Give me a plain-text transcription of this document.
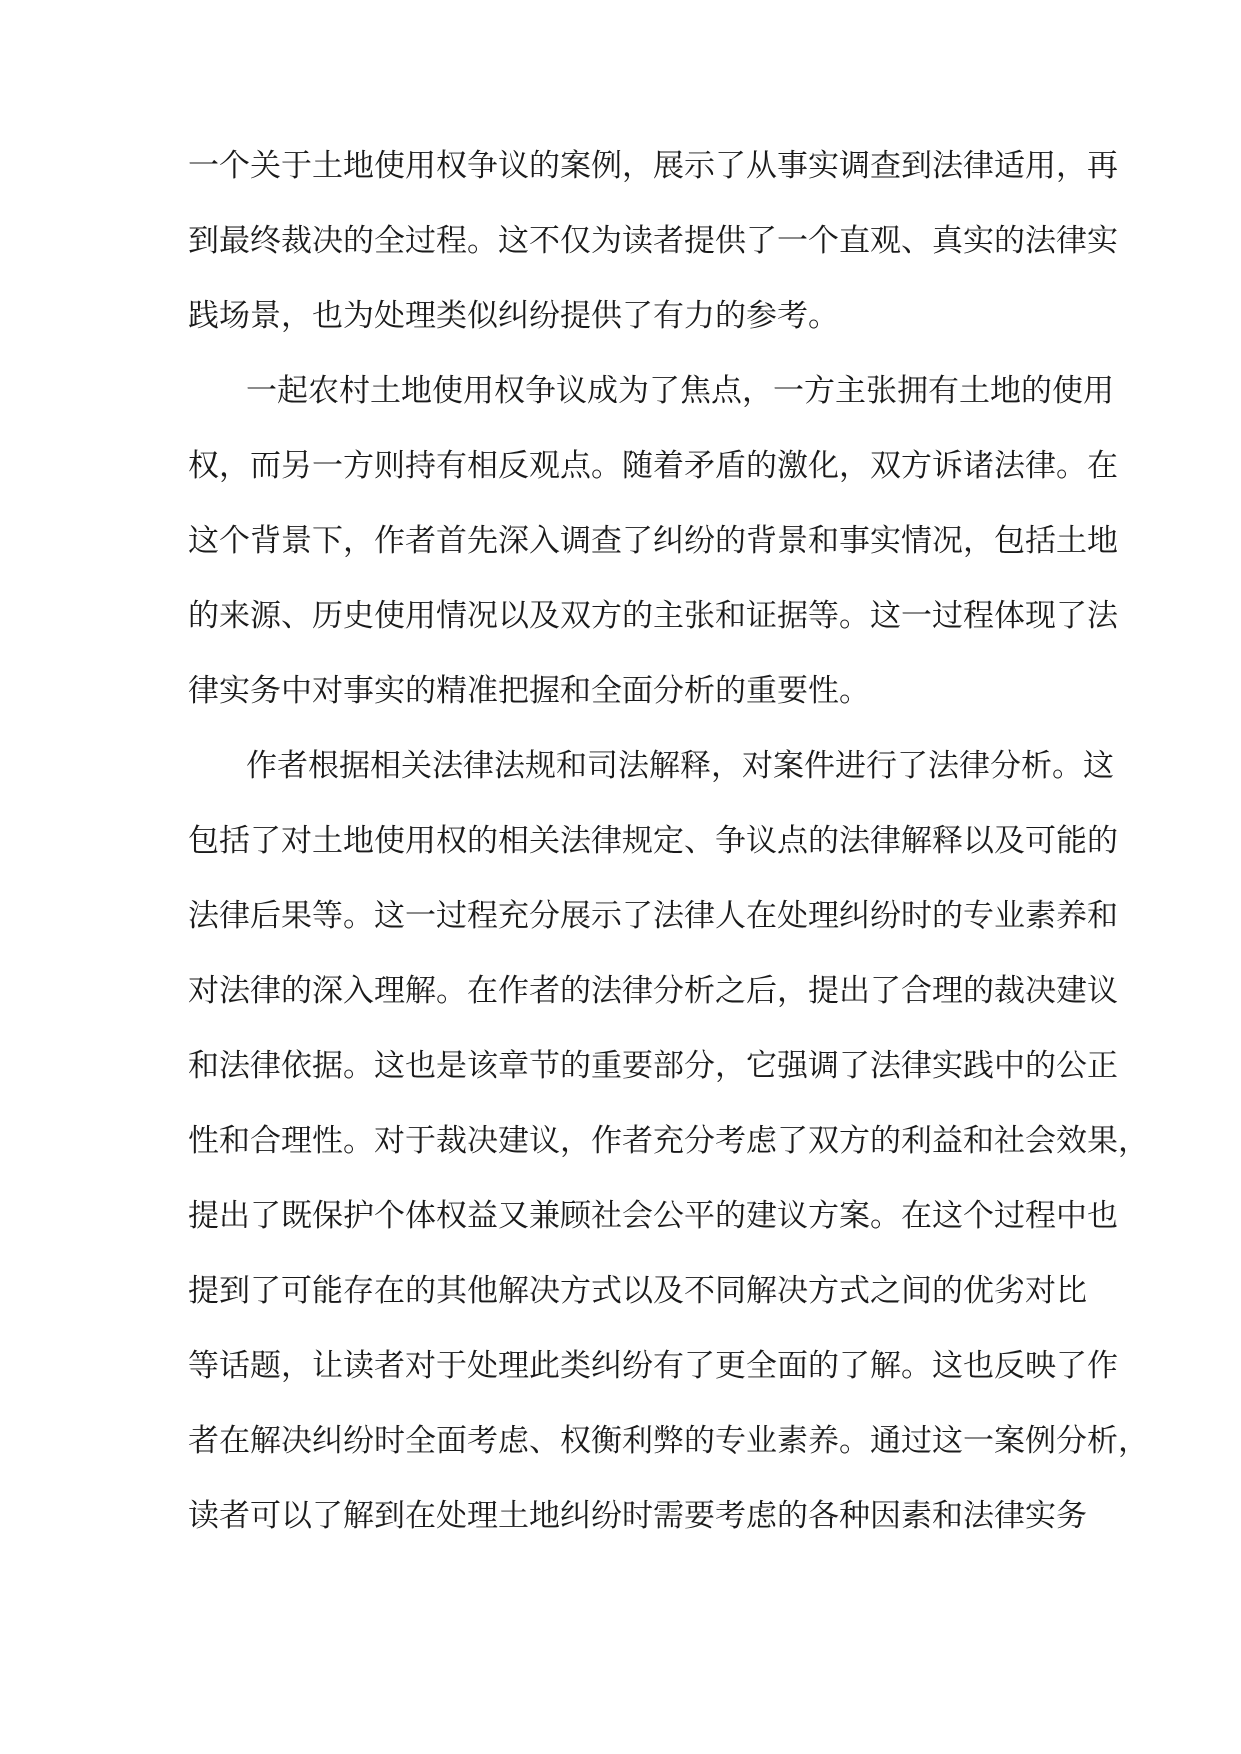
一个关于土地使用权争议的案例，展示了从事实调查到法律适用，再
到最终裁决的全过程。这不仅为读者提供了一个直观、真实的法律实
践场景，也为处理类似纠纷提供了有力的参考。
一起农村土地使用权争议成为了焦点，一方主张拥有土地的使用
权，而另一方则持有相反观点。随着矛盾的激化，双方诉诸法律。在
这个背景下，作者首先深入调查了纠纷的背景和事实情况，包括土地
的来源、历史使用情况以及双方的主张和证据等。这一过程体现了法
律实务中对事实的精准把握和全面分析的重要性。
作者根据相关法律法规和司法解释，对案件进行了法律分析。这
包括了对土地使用权的相关法律规定、争议点的法律解释以及可能的
法律后果等。这一过程充分展示了法律人在处理纠纷时的专业素养和
对法律的深入理解。在作者的法律分析之后，提出了合理的裁决建议
和法律依据。这也是该章节的重要部分，它强调了法律实践中的公正
性和合理性。对于裁决建议，作者充分考虑了双方的利益和社会效果，
提出了既保护个体权益又兼顾社会公平的建议方案。在这个过程中也
提到了可能存在的其他解决方式以及不同解决方式之间的优劣对比
等话题，让读者对于处理此类纠纷有了更全面的了解。这也反映了作
者在解决纠纷时全面考虑、权衡利弊的专业素养。通过这一案例分析，
读者可以了解到在处理土地纠纷时需要考虑的各种因素和法律实务
